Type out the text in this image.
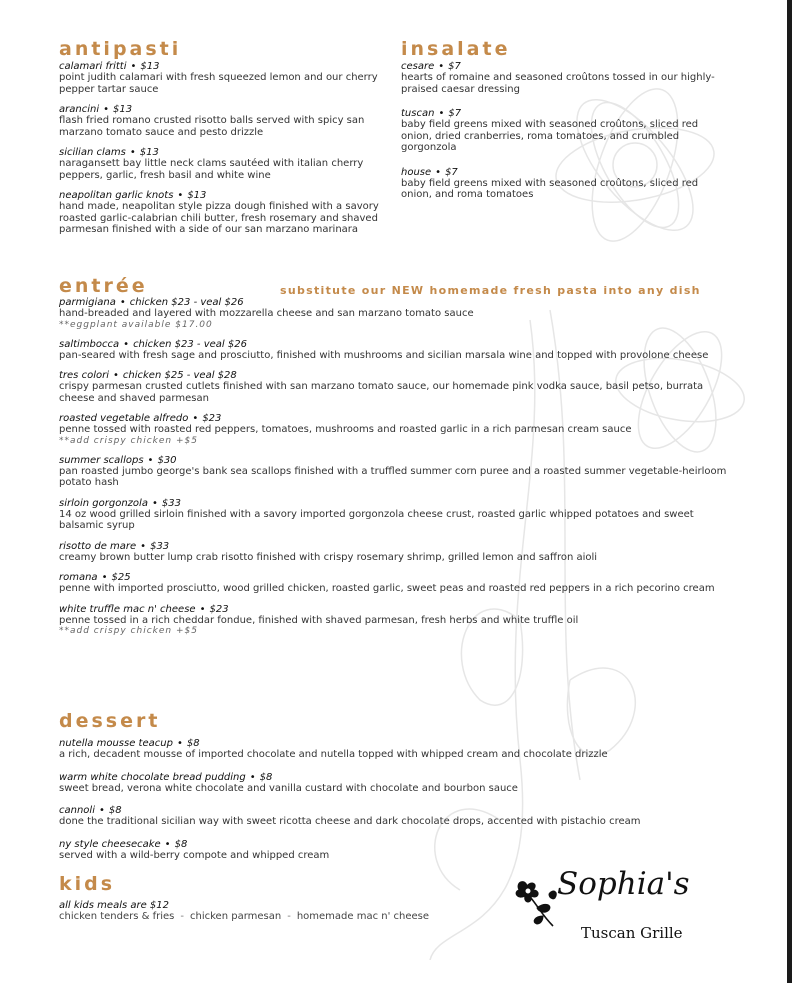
antipasti
calamari fritti • $13
point judith calamari with fresh squeezed lemon and our cherry pepper tartar sauce
arancini • $13
flash fried romano crusted risotto balls served with spicy san marzano tomato sauce and pesto drizzle
sicilian clams • $13
naragansett bay little neck clams sautéed with italian cherry peppers, garlic, fresh basil and white wine
neapolitan garlic knots • $13
hand made, neapolitan style pizza dough finished with a savory roasted garlic-calabrian chili butter, fresh rosemary and shaved parmesan finished with a side of our san marzano marinara
insalate
cesare • $7
hearts of romaine and seasoned croûtons tossed in our highly-praised caesar dressing
tuscan • $7
baby field greens mixed with seasoned croûtons, sliced red onion, dried cranberries, roma tomatoes, and crumbled gorgonzola
house • $7
baby field greens mixed with seasoned croûtons, sliced red onion, and roma tomatoes
substitute our NEW homemade fresh pasta into any dish
entrée
parmigiana • chicken $23 - veal $26
hand-breaded and layered with mozzarella cheese and san marzano tomato sauce
**eggplant available $17.00
saltimbocca • chicken $23 - veal $26
pan-seared with fresh sage and prosciutto, finished with mushrooms and sicilian marsala wine and topped with provolone cheese
tres colori • chicken $25 - veal $28
crispy parmesan crusted cutlets finished with san marzano tomato sauce, our homemade pink vodka sauce, basil petso, burrata cheese and shaved parmesan
roasted vegetable alfredo • $23
penne tossed with roasted red peppers, tomatoes, mushrooms and roasted garlic in a rich parmesan cream sauce
**add crispy chicken +$5
summer scallops • $30
pan roasted jumbo george's bank sea scallops finished with a truffled summer corn puree and a roasted summer vegetable-heirloom potato hash
sirloin gorgonzola • $33
14 oz wood grilled sirloin finished with a savory imported gorgonzola cheese crust, roasted garlic whipped potatoes and sweet balsamic syrup
risotto de mare • $33
creamy brown butter lump crab risotto finished with crispy rosemary shrimp, grilled lemon and saffron aioli
romana • $25
penne with imported prosciutto, wood grilled chicken, roasted garlic, sweet peas and roasted red peppers in a rich pecorino cream
white truffle mac n' cheese • $23
penne tossed in a rich cheddar fondue, finished with shaved parmesan, fresh herbs and white truffle oil
**add crispy chicken +$5
dessert
nutella mousse teacup • $8
a rich, decadent mousse of imported chocolate and nutella topped with whipped cream and chocolate drizzle
warm white chocolate bread pudding • $8
sweet bread, verona white chocolate and vanilla custard with chocolate and bourbon sauce
cannoli • $8
done the traditional sicilian way with sweet ricotta cheese and dark chocolate drops, accented with pistachio cream
ny style cheesecake • $8
served with a wild-berry compote and whipped cream
kids
all kids meals are $12
chicken tenders & fries - chicken parmesan - homemade mac n' cheese
Sophia's
Tuscan Grille
